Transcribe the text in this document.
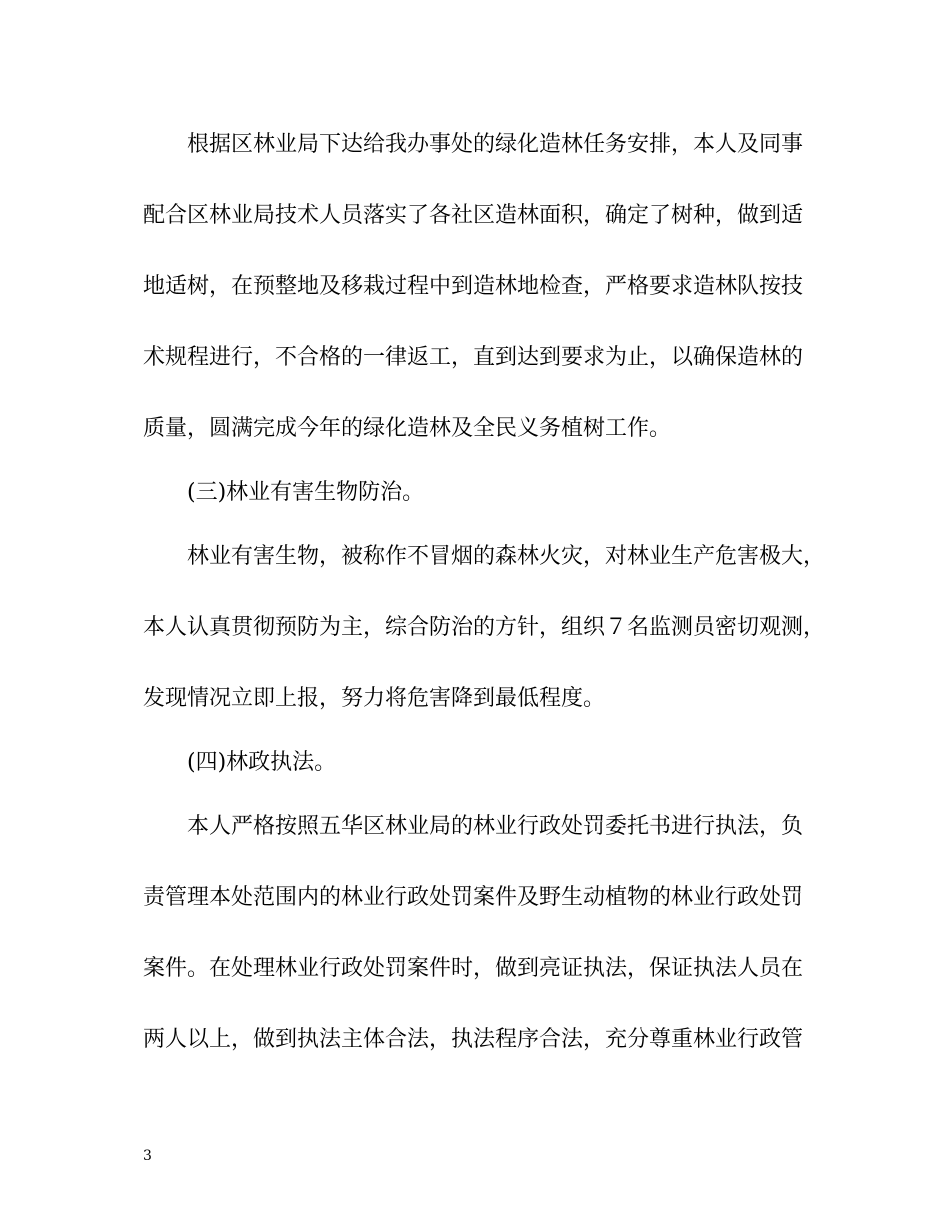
根据区林业局下达给我办事处的绿化造林任务安排，本人及同事
配合区林业局技术人员落实了各社区造林面积，确定了树种，做到适
地适树，在预整地及移栽过程中到造林地检查，严格要求造林队按技
术规程进行，不合格的一律返工，直到达到要求为止，以确保造林的
质量，圆满完成今年的绿化造林及全民义务植树工作。
(三)林业有害生物防治。
林业有害生物，被称作不冒烟的森林火灾，对林业生产危害极大，
本人认真贯彻预防为主，综合防治的方针，组织７名监测员密切观测，
发现情况立即上报，努力将危害降到最低程度。
(四)林政执法。
本人严格按照五华区林业局的林业行政处罚委托书进行执法，负
责管理本处范围内的林业行政处罚案件及野生动植物的林业行政处罚
案件。在处理林业行政处罚案件时，做到亮证执法，保证执法人员在
两人以上，做到执法主体合法，执法程序合法，充分尊重林业行政管
3
